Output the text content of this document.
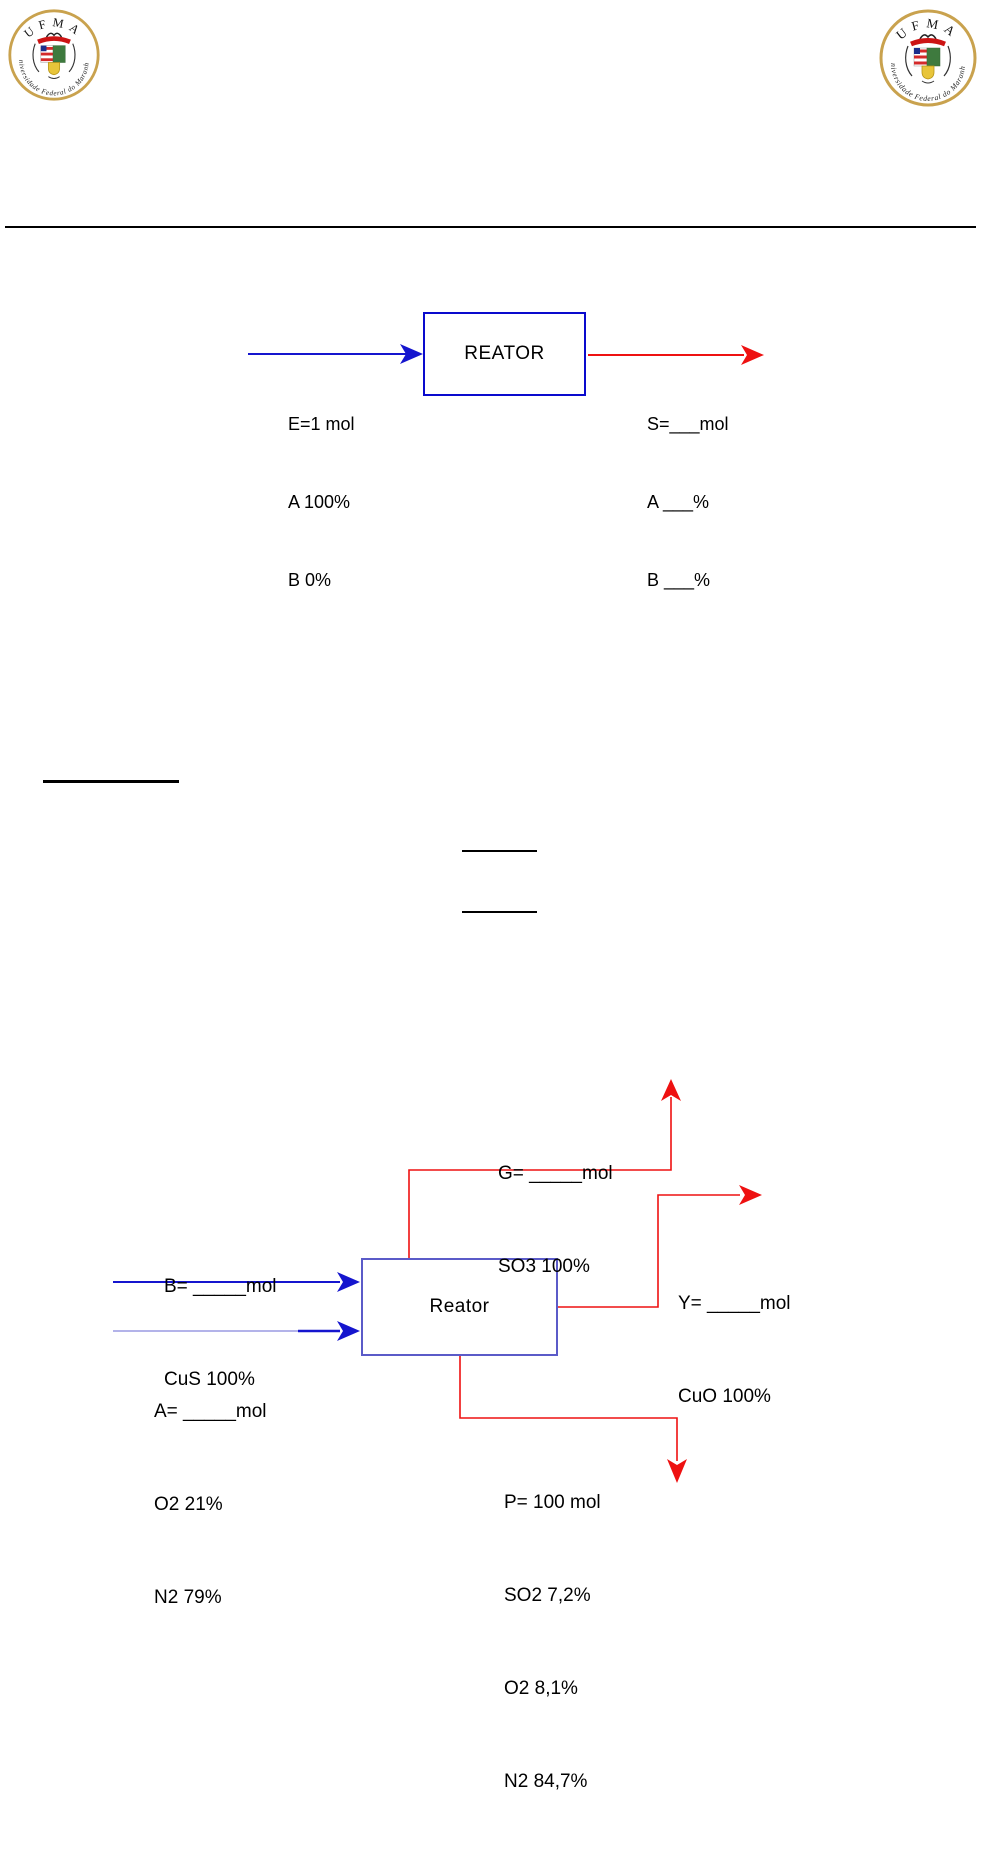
UFMA
Universidade Federal do Maranhão
UFMA
Universidade Federal do Maranhão
REATOR

E=1 mol

A 100%

B 0%

S=___mol

A ___%

B ___%

Reator

G= _____mol

SO3 100%

B= _____mol

CuS 100%

Y= _____mol

CuO 100%

A= _____mol

O2 21%

N2 79%

P= 100 mol

SO2 7,2%

O2 8,1%

N2 84,7%
